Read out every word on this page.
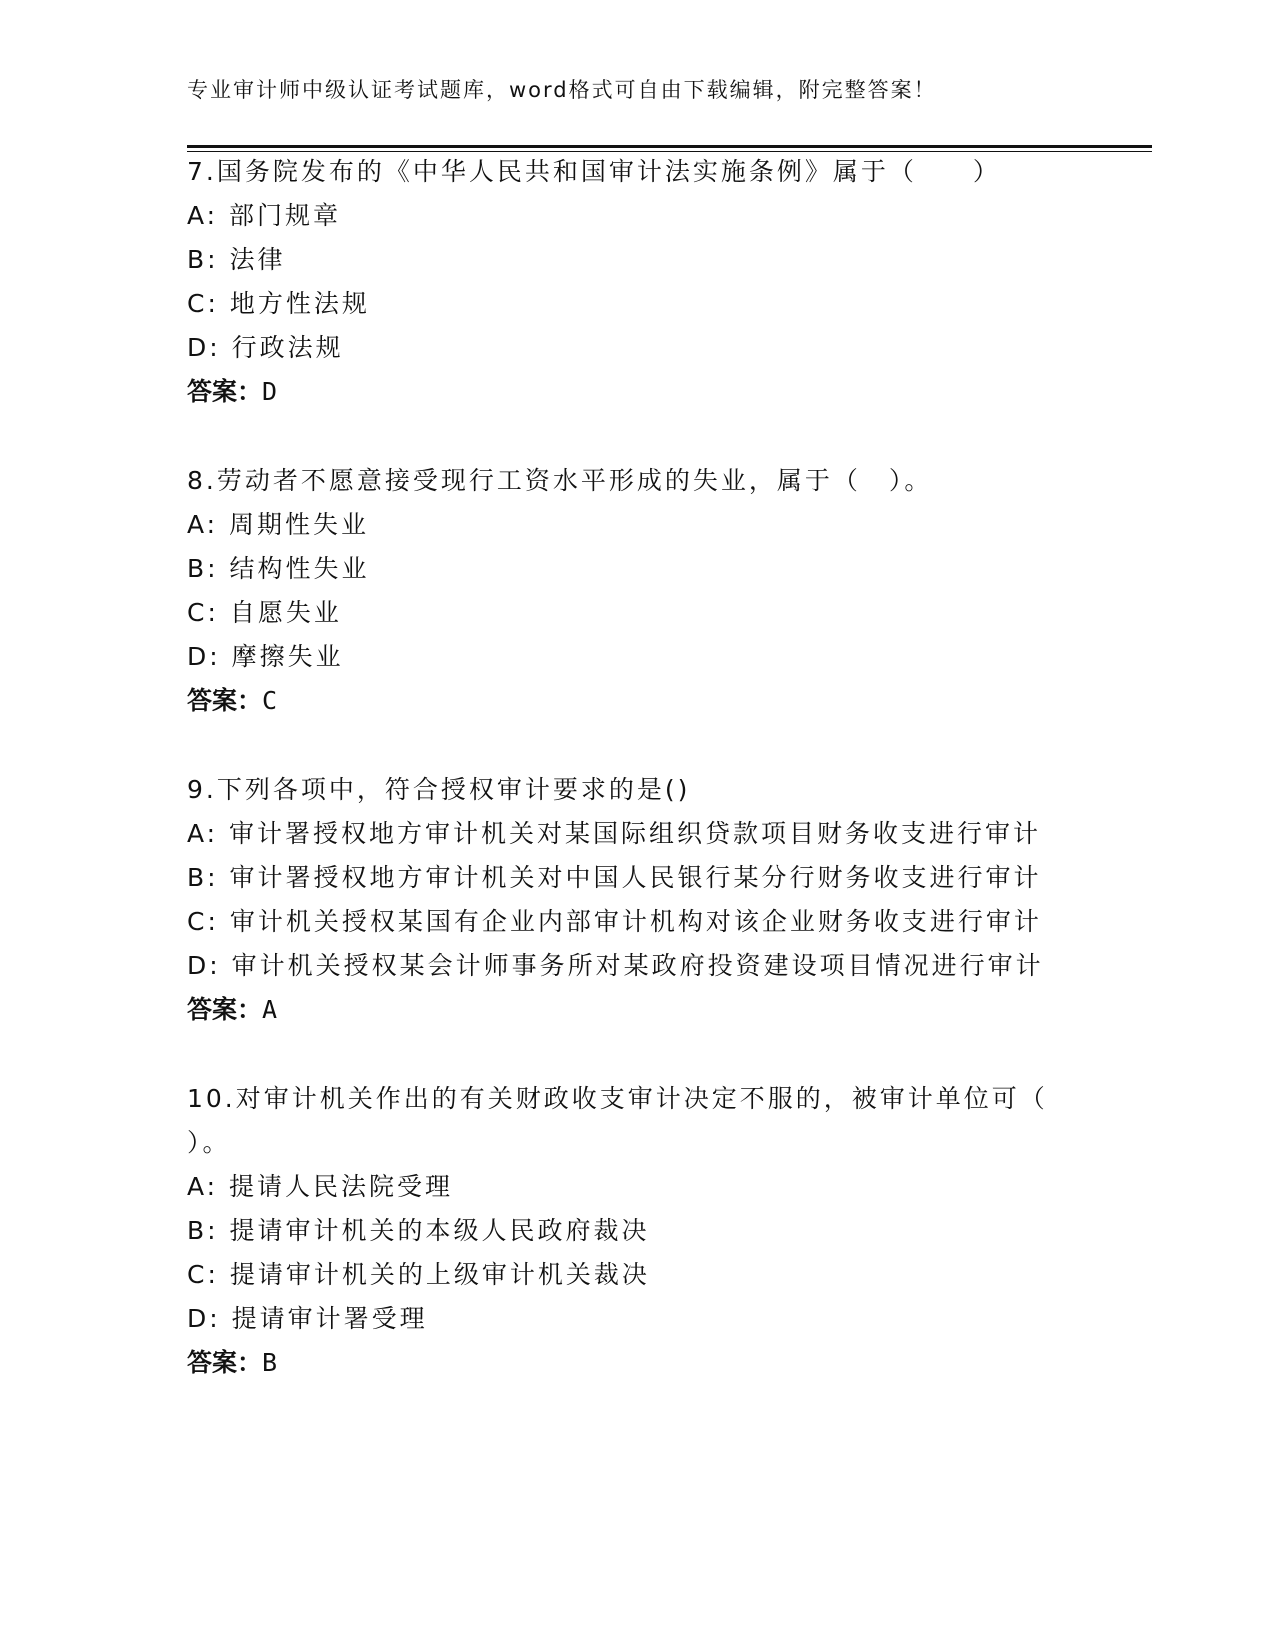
专业审计师中级认证考试题库，word格式可自由下载编辑，附完整答案！
7.国务院发布的《中华人民共和国审计法实施条例》属于（　　）
A: 部门规章
B: 法律
C: 地方性法规
D: 行政法规
答案：D
8.劳动者不愿意接受现行工资水平形成的失业，属于（　）。
A: 周期性失业
B: 结构性失业
C: 自愿失业
D: 摩擦失业
答案：C
9.下列各项中，符合授权审计要求的是()
A: 审计署授权地方审计机关对某国际组织贷款项目财务收支进行审计
B: 审计署授权地方审计机关对中国人民银行某分行财务收支进行审计
C: 审计机关授权某国有企业内部审计机构对该企业财务收支进行审计
D: 审计机关授权某会计师事务所对某政府投资建设项目情况进行审计
答案：A
10.对审计机关作出的有关财政收支审计决定不服的，被审计单位可（
）。
A: 提请人民法院受理
B: 提请审计机关的本级人民政府裁决
C: 提请审计机关的上级审计机关裁决
D: 提请审计署受理
答案：B
